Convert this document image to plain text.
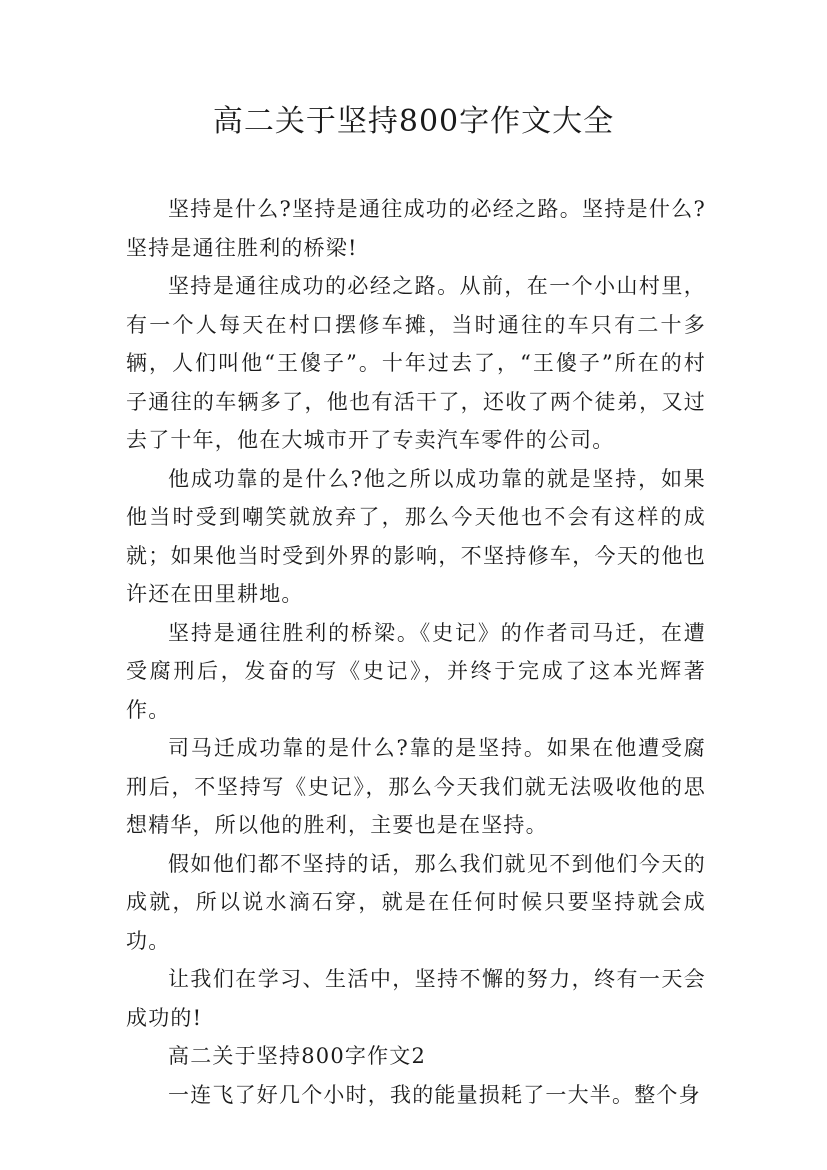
高二关于坚持800字作文大全

坚持是什么?坚持是通往成功的必经之路。坚持是什么?坚持是通往胜利的桥梁!

坚持是通往成功的必经之路。从前，在一个小山村里，有一个人每天在村口摆修车摊，当时通往的车只有二十多辆，人们叫他“王傻子”。十年过去了，“王傻子”所在的村子通往的车辆多了，他也有活干了，还收了两个徒弟，又过去了十年，他在大城市开了专卖汽车零件的公司。

他成功靠的是什么?他之所以成功靠的就是坚持，如果他当时受到嘲笑就放弃了，那么今天他也不会有这样的成就；如果他当时受到外界的影响，不坚持修车，今天的他也许还在田里耕地。

坚持是通往胜利的桥梁。《史记》的作者司马迁，在遭受腐刑后，发奋的写《史记》，并终于完成了这本光辉著作。

司马迁成功靠的是什么?靠的是坚持。如果在他遭受腐刑后，不坚持写《史记》，那么今天我们就无法吸收他的思想精华，所以他的胜利，主要也是在坚持。

假如他们都不坚持的话，那么我们就见不到他们今天的成就，所以说水滴石穿，就是在任何时候只要坚持就会成功。

让我们在学习、生活中，坚持不懈的努力，终有一天会成功的!

高二关于坚持800字作文2

一连飞了好几个小时，我的能量损耗了一大半。整个身
